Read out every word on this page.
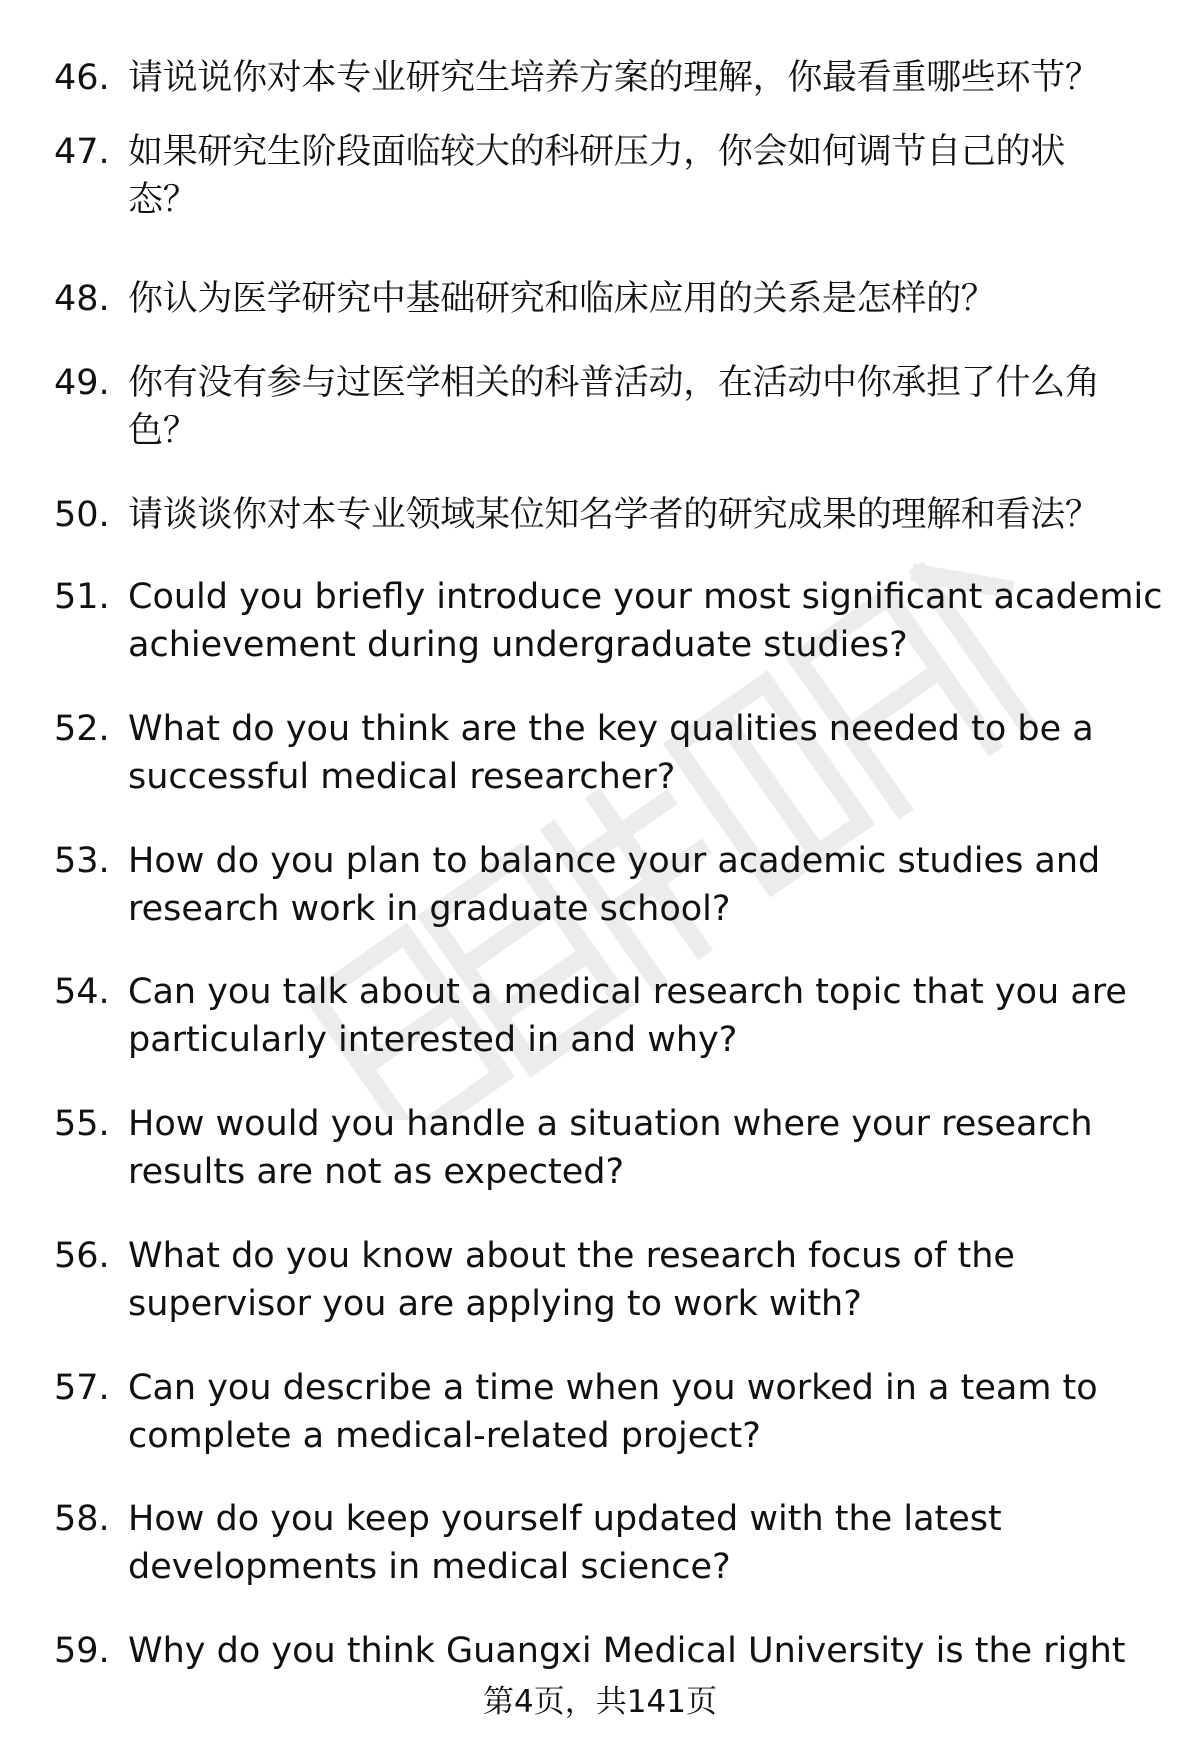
46. 请说说你对本专业研究生培养方案的理解，你最看重哪些环节？
47. 如果研究生阶段面临较大的科研压力，你会如何调节自己的状
态？
48. 你认为医学研究中基础研究和临床应用的关系是怎样的？
49. 你有没有参与过医学相关的科普活动，在活动中你承担了什么角
色？
50. 请谈谈你对本专业领域某位知名学者的研究成果的理解和看法？
51. Could you briefly introduce your most significant academic
achievement during undergraduate studies?
52. What do you think are the key qualities needed to be a
successful medical researcher?
53. How do you plan to balance your academic studies and
research work in graduate school?
54. Can you talk about a medical research topic that you are
particularly interested in and why?
55. How would you handle a situation where your research
results are not as expected?
56. What do you know about the research focus of the
supervisor you are applying to work with?
57. Can you describe a time when you worked in a team to
complete a medical-related project?
58. How do you keep yourself updated with the latest
developments in medical science?
59. Why do you think Guangxi Medical University is the right
第4页，共141页
